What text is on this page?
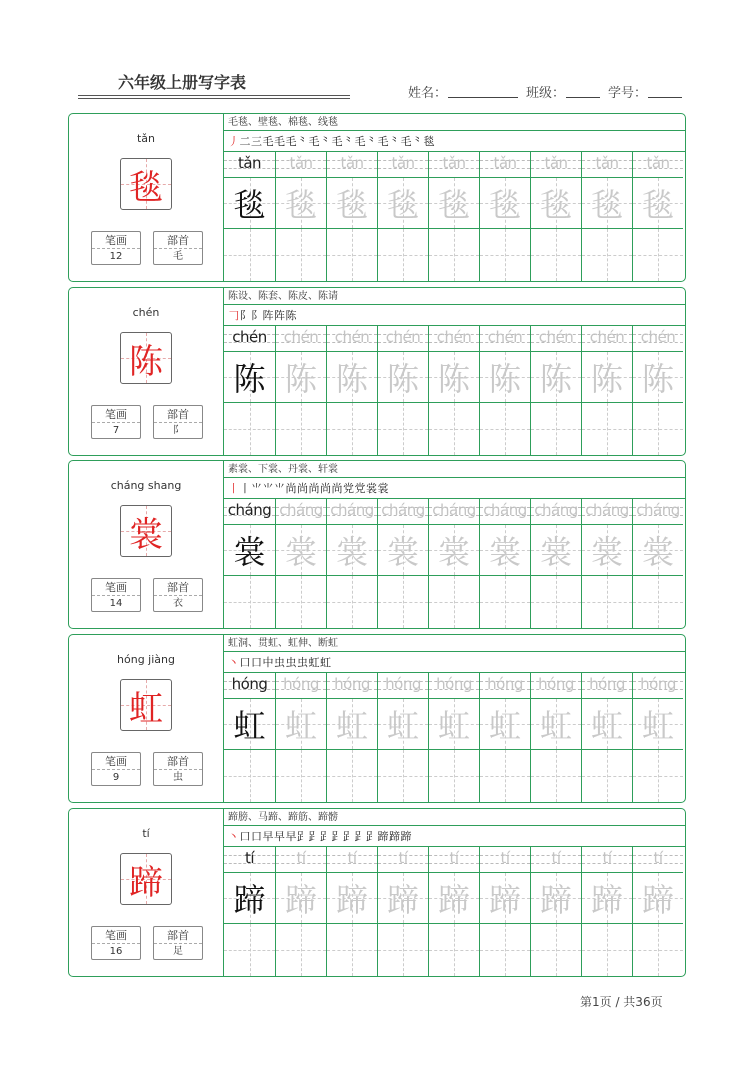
六年级上册写字表
姓名：	班级：	学号：
tǎn
毯
笔画
12
部首
毛
毛毯、壁毯、棉毯、线毯
丿二三毛毛毛⺀毛⺀毛⺀毛⺀毛⺀毛⺀毯
tǎn
毯
tǎn
毯
tǎn
毯
tǎn
毯
tǎn
毯
tǎn
毯
tǎn
毯
tǎn
毯
tǎn
毯
chén
陈
笔画
7
部首
阝
陈设、陈套、陈皮、陈请
𠃌阝阝阵阵陈
chén
陈
chén
陈
chén
陈
chén
陈
chén
陈
chén
陈
chén
陈
chén
陈
chén
陈
cháng shang
裳
笔画
14
部首
衣
素裳、下裳、丹裳、轩裳
丨丨⺌⺌⺌尚尚尚尚尚党党裳裳
cháng
裳
cháng
裳
cháng
裳
cháng
裳
cháng
裳
cháng
裳
cháng
裳
cháng
裳
cháng
裳
hóng jiàng
虹
笔画
9
部首
虫
虹洞、贯虹、虹伸、断虹
丶口口中虫虫虫虹虹
hóng
虹
hóng
虹
hóng
虹
hóng
虹
hóng
虹
hóng
虹
hóng
虹
hóng
虹
hóng
虹
tí
蹄
笔画
16
部首
足
蹄膀、马蹄、蹄筋、蹄髈
丶口口早早早𧾷𧾷𧾷𧾷𧾷𧾷𧾷蹄蹄蹄
tí
蹄
tí
蹄
tí
蹄
tí
蹄
tí
蹄
tí
蹄
tí
蹄
tí
蹄
tí
蹄
第1页 / 共36页
